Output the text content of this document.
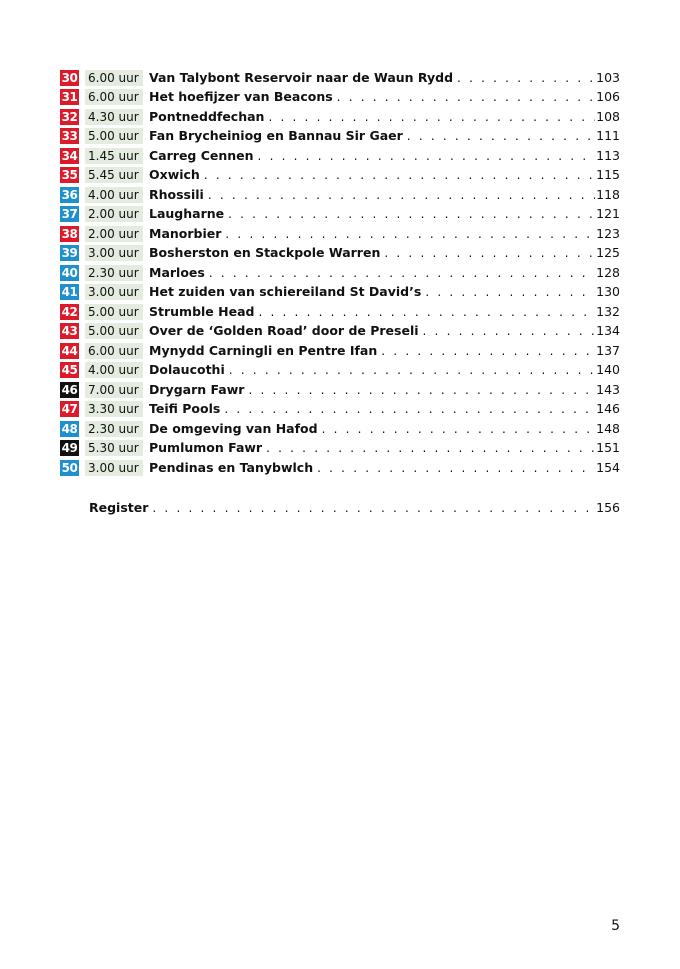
30 6.00 uur Van Talybont Reservoir naar de Waun Rydd . . .	103
31 6.00 uur Het hoefijzer van Beacons . . .	106
32 4.30 uur Pontneddfechan . . .	108
33 5.00 uur Fan Brycheiniog en Bannau Sir Gaer . . .	111
34 1.45 uur Carreg Cennen . . .	113
35 5.45 uur Oxwich . . .	115
36 4.00 uur Rhossili . . .	118
37 2.00 uur Laugharne . . .	121
38 2.00 uur Manorbier . . .	123
39 3.00 uur Bosherston en Stackpole Warren . . .	125
40 2.30 uur Marloes . . .	128
41 3.00 uur Het zuiden van schiereiland St David’s . . .	130
42 5.00 uur Strumble Head . . .	132
43 5.00 uur Over de ‘Golden Road’ door de Preseli . . .	134
44 6.00 uur Mynydd Carningli en Pentre Ifan . . .	137
45 4.00 uur Dolaucothi . . .	140
46 7.00 uur Drygarn Fawr . . .	143
47 3.30 uur Teifi Pools . . .	146
48 2.30 uur De omgeving van Hafod . . .	148
49 5.30 uur Pumlumon Fawr . . .	151
50 3.00 uur Pendinas en Tanybwlch . . .	154
Register . . .	156
5
